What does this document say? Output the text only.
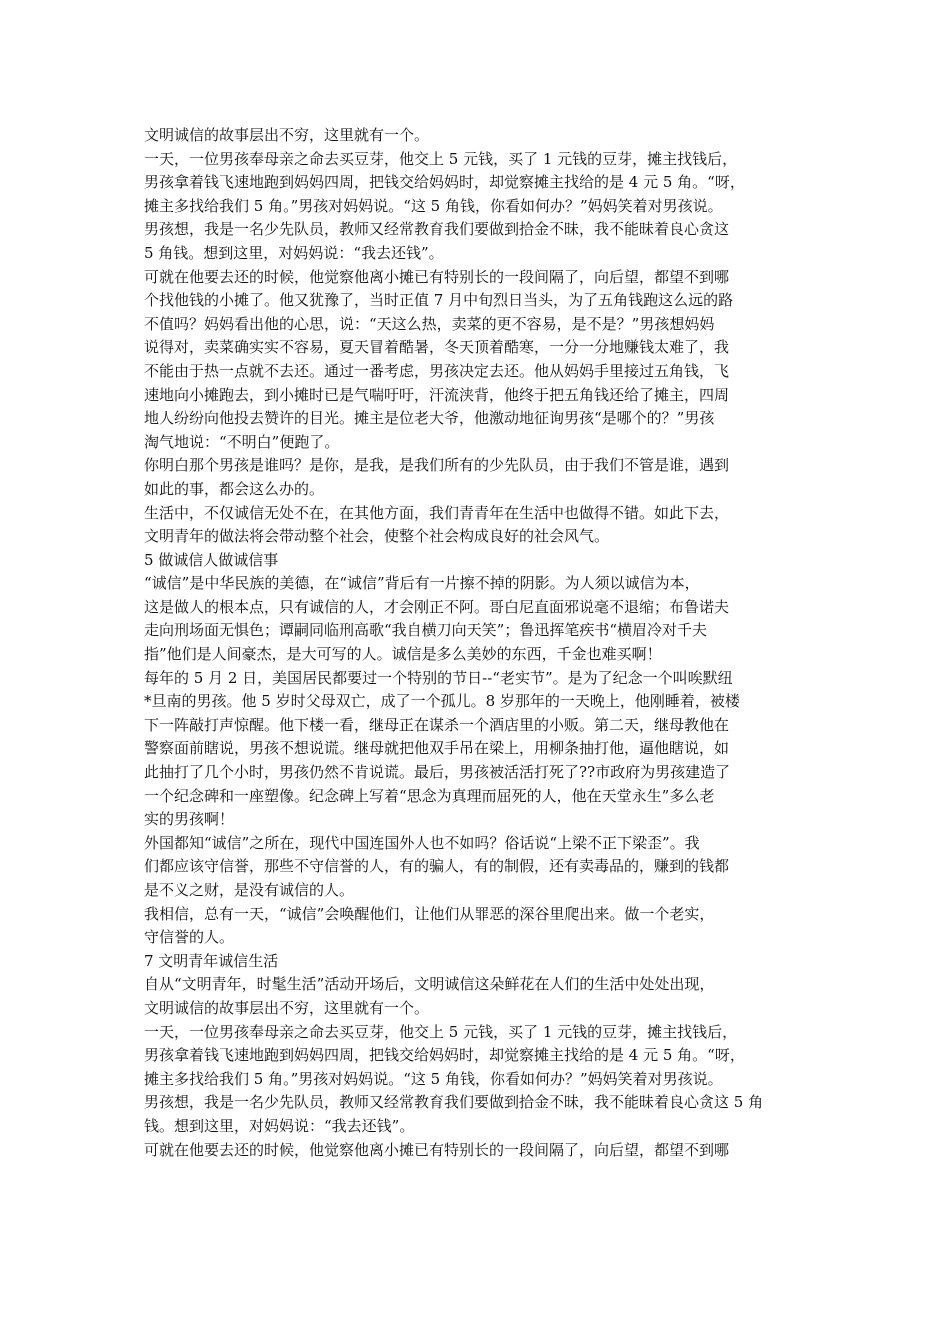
文明诚信的故事层出不穷，这里就有一个。
一天，一位男孩奉母亲之命去买豆芽，他交上 5 元钱，买了 1 元钱的豆芽，摊主找钱后，
男孩拿着钱飞速地跑到妈妈四周，把钱交给妈妈时，却觉察摊主找给的是 4 元 5 角。“呀，
摊主多找给我们 5 角。”男孩对妈妈说。“这 5 角钱，你看如何办？”妈妈笑着对男孩说。
男孩想，我是一名少先队员，教师又经常教育我们要做到拾金不昧，我不能昧着良心贪这
5 角钱。想到这里，对妈妈说：“我去还钱”。
可就在他要去还的时候，他觉察他离小摊已有特别长的一段间隔了，向后望，都望不到哪
个找他钱的小摊了。他又犹豫了，当时正值 7 月中旬烈日当头，为了五角钱跑这么远的路
不值吗？妈妈看出他的心思，说：“天这么热，卖菜的更不容易，是不是？”男孩想妈妈
说得对，卖菜确实实不容易，夏天冒着酷暑，冬天顶着酷寒，一分一分地赚钱太难了，我
不能由于热一点就不去还。通过一番考虑，男孩决定去还。他从妈妈手里接过五角钱，飞
速地向小摊跑去，到小摊时已是气喘吁吁，汗流浃背，他终于把五角钱还给了摊主，四周
地人纷纷向他投去赞许的目光。摊主是位老大爷，他激动地征询男孩“是哪个的？”男孩
淘气地说：“不明白”便跑了。
你明白那个男孩是谁吗？是你，是我，是我们所有的少先队员，由于我们不管是谁，遇到
如此的事，都会这么办的。
生活中，不仅诚信无处不在，在其他方面，我们青青年在生活中也做得不错。如此下去，
文明青年的做法将会带动整个社会，使整个社会构成良好的社会风气。
5 做诚信人做诚信事
“诚信”是中华民族的美德，在“诚信”背后有一片擦不掉的阴影。为人须以诚信为本，
这是做人的根本点，只有诚信的人，才会刚正不阿。哥白尼直面邪说毫不退缩；布鲁诺夫
走向刑场面无惧色；谭嗣同临刑高歌“我自横刀向天笑”；鲁迅挥笔疾书“横眉冷对千夫
指”他们是人间豪杰，是大可写的人。诚信是多么美妙的东西，千金也难买啊！
每年的 5 月 2 日，美国居民都要过一个特别的节日--“老实节”。是为了纪念一个叫唉默纽
*旦南的男孩。他 5 岁时父母双亡，成了一个孤儿。8 岁那年的一天晚上，他刚睡着，被楼
下一阵敲打声惊醒。他下楼一看，继母正在谋杀一个酒店里的小贩。第二天，继母教他在
警察面前瞎说，男孩不想说谎。继母就把他双手吊在梁上，用柳条抽打他，逼他瞎说，如
此抽打了几个小时，男孩仍然不肯说谎。最后，男孩被活活打死了??市政府为男孩建造了
一个纪念碑和一座塑像。纪念碑上写着“思念为真理而屈死的人，他在天堂永生”多么老
实的男孩啊！
外国都知“诚信”之所在，现代中国连国外人也不如吗？俗话说“上梁不正下梁歪”。我
们都应该守信誉，那些不守信誉的人，有的骗人，有的制假，还有卖毒品的，赚到的钱都
是不义之财，是没有诚信的人。
我相信，总有一天，“诚信”会唤醒他们，让他们从罪恶的深谷里爬出来。做一个老实，
守信誉的人。
7 文明青年诚信生活
自从“文明青年，时髦生活”活动开场后，文明诚信这朵鲜花在人们的生活中处处出现，
文明诚信的故事层出不穷，这里就有一个。
一天，一位男孩奉母亲之命去买豆芽，他交上 5 元钱，买了 1 元钱的豆芽，摊主找钱后，
男孩拿着钱飞速地跑到妈妈四周，把钱交给妈妈时，却觉察摊主找给的是 4 元 5 角。“呀，
摊主多找给我们 5 角。”男孩对妈妈说。“这 5 角钱，你看如何办？”妈妈笑着对男孩说。
男孩想，我是一名少先队员，教师又经常教育我们要做到拾金不昧，我不能昧着良心贪这 5 角
钱。想到这里，对妈妈说：“我去还钱”。
可就在他要去还的时候，他觉察他离小摊已有特别长的一段间隔了，向后望，都望不到哪
